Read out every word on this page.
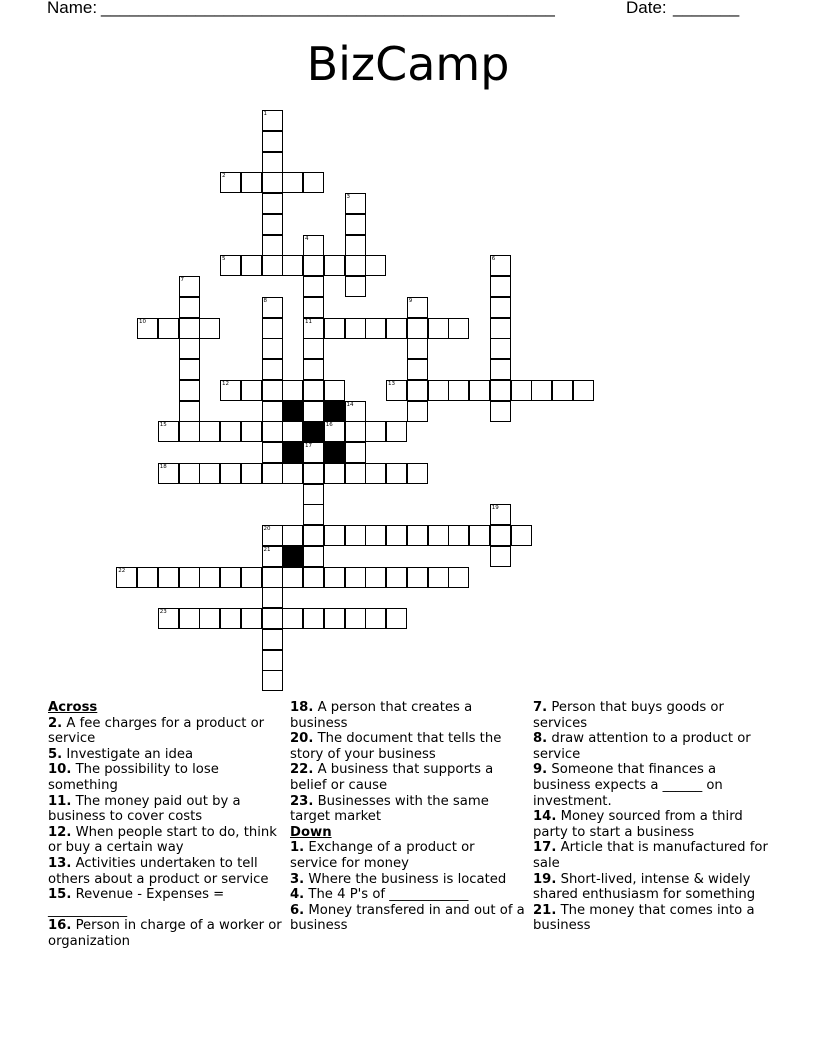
Name: ________________________________________________	Date: _______
BizCamp
1
2
3
4
5	6
7
8	9
10	11
12	13
14
15	16
17
18
19
20
21
22
23
Across
2. A fee charges for a product or service
5. Investigate an idea
10. The possibility to lose something
11. The money paid out by a business to cover costs
12. When people start to do, think or buy a certain way
13. Activities undertaken to tell others about a product or service
15. Revenue - Expenses = ____________
16. Person in charge of a worker or organization
18. A person that creates a business
20. The document that tells the story of your business
22. A business that supports a belief or cause
23. Businesses with the same target market
Down
1. Exchange of a product or service for money
3. Where the business is located
4. The 4 P's of ____________
6. Money transfered in and out of a business
7. Person that buys goods or services
8. draw attention to a product or service
9. Someone that finances a business expects a ______ on investment.
14. Money sourced from a third party to start a business
17. Article that is manufactured for sale
19. Short-lived, intense & widely shared enthusiasm for something
21. The money that comes into a business
